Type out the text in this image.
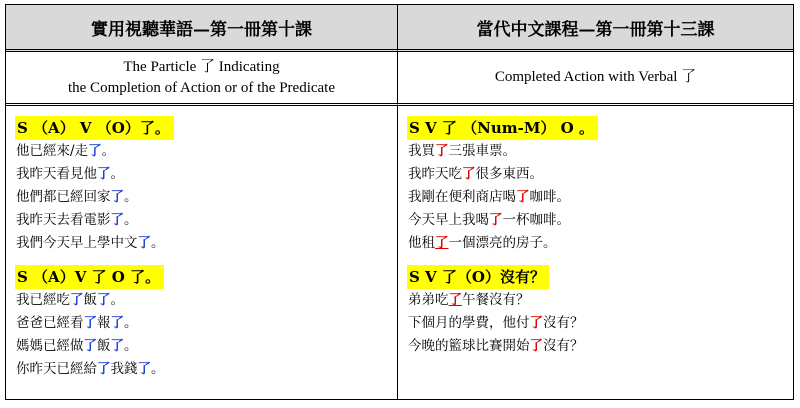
實用視聽華語—第一冊第十課	當代中文課程—第一冊第十三課
The Particle 了 Indicating
the Completion of Action or of the Predicate
Completed Action with Verbal 了
S （A） V （O）了。
他已經來/走了。
我昨天看見他了。
他們都已經回家了。
我昨天去看電影了。
我們今天早上學中文了。
S （A）V 了 O 了。
我已經吃了飯了。
爸爸已經看了報了。
媽媽已經做了飯了。
你昨天已經給了我錢了。
S V 了 （Num-M） O 。
我買了三張車票。
我昨天吃了很多東西。
我剛在便利商店喝了咖啡。
今天早上我喝了一杯咖啡。
他租了一個漂亮的房子。
S V 了（O）沒有？
弟弟吃了午餐沒有？
下個月的學費，他付了沒有？
今晚的籃球比賽開始了沒有？
